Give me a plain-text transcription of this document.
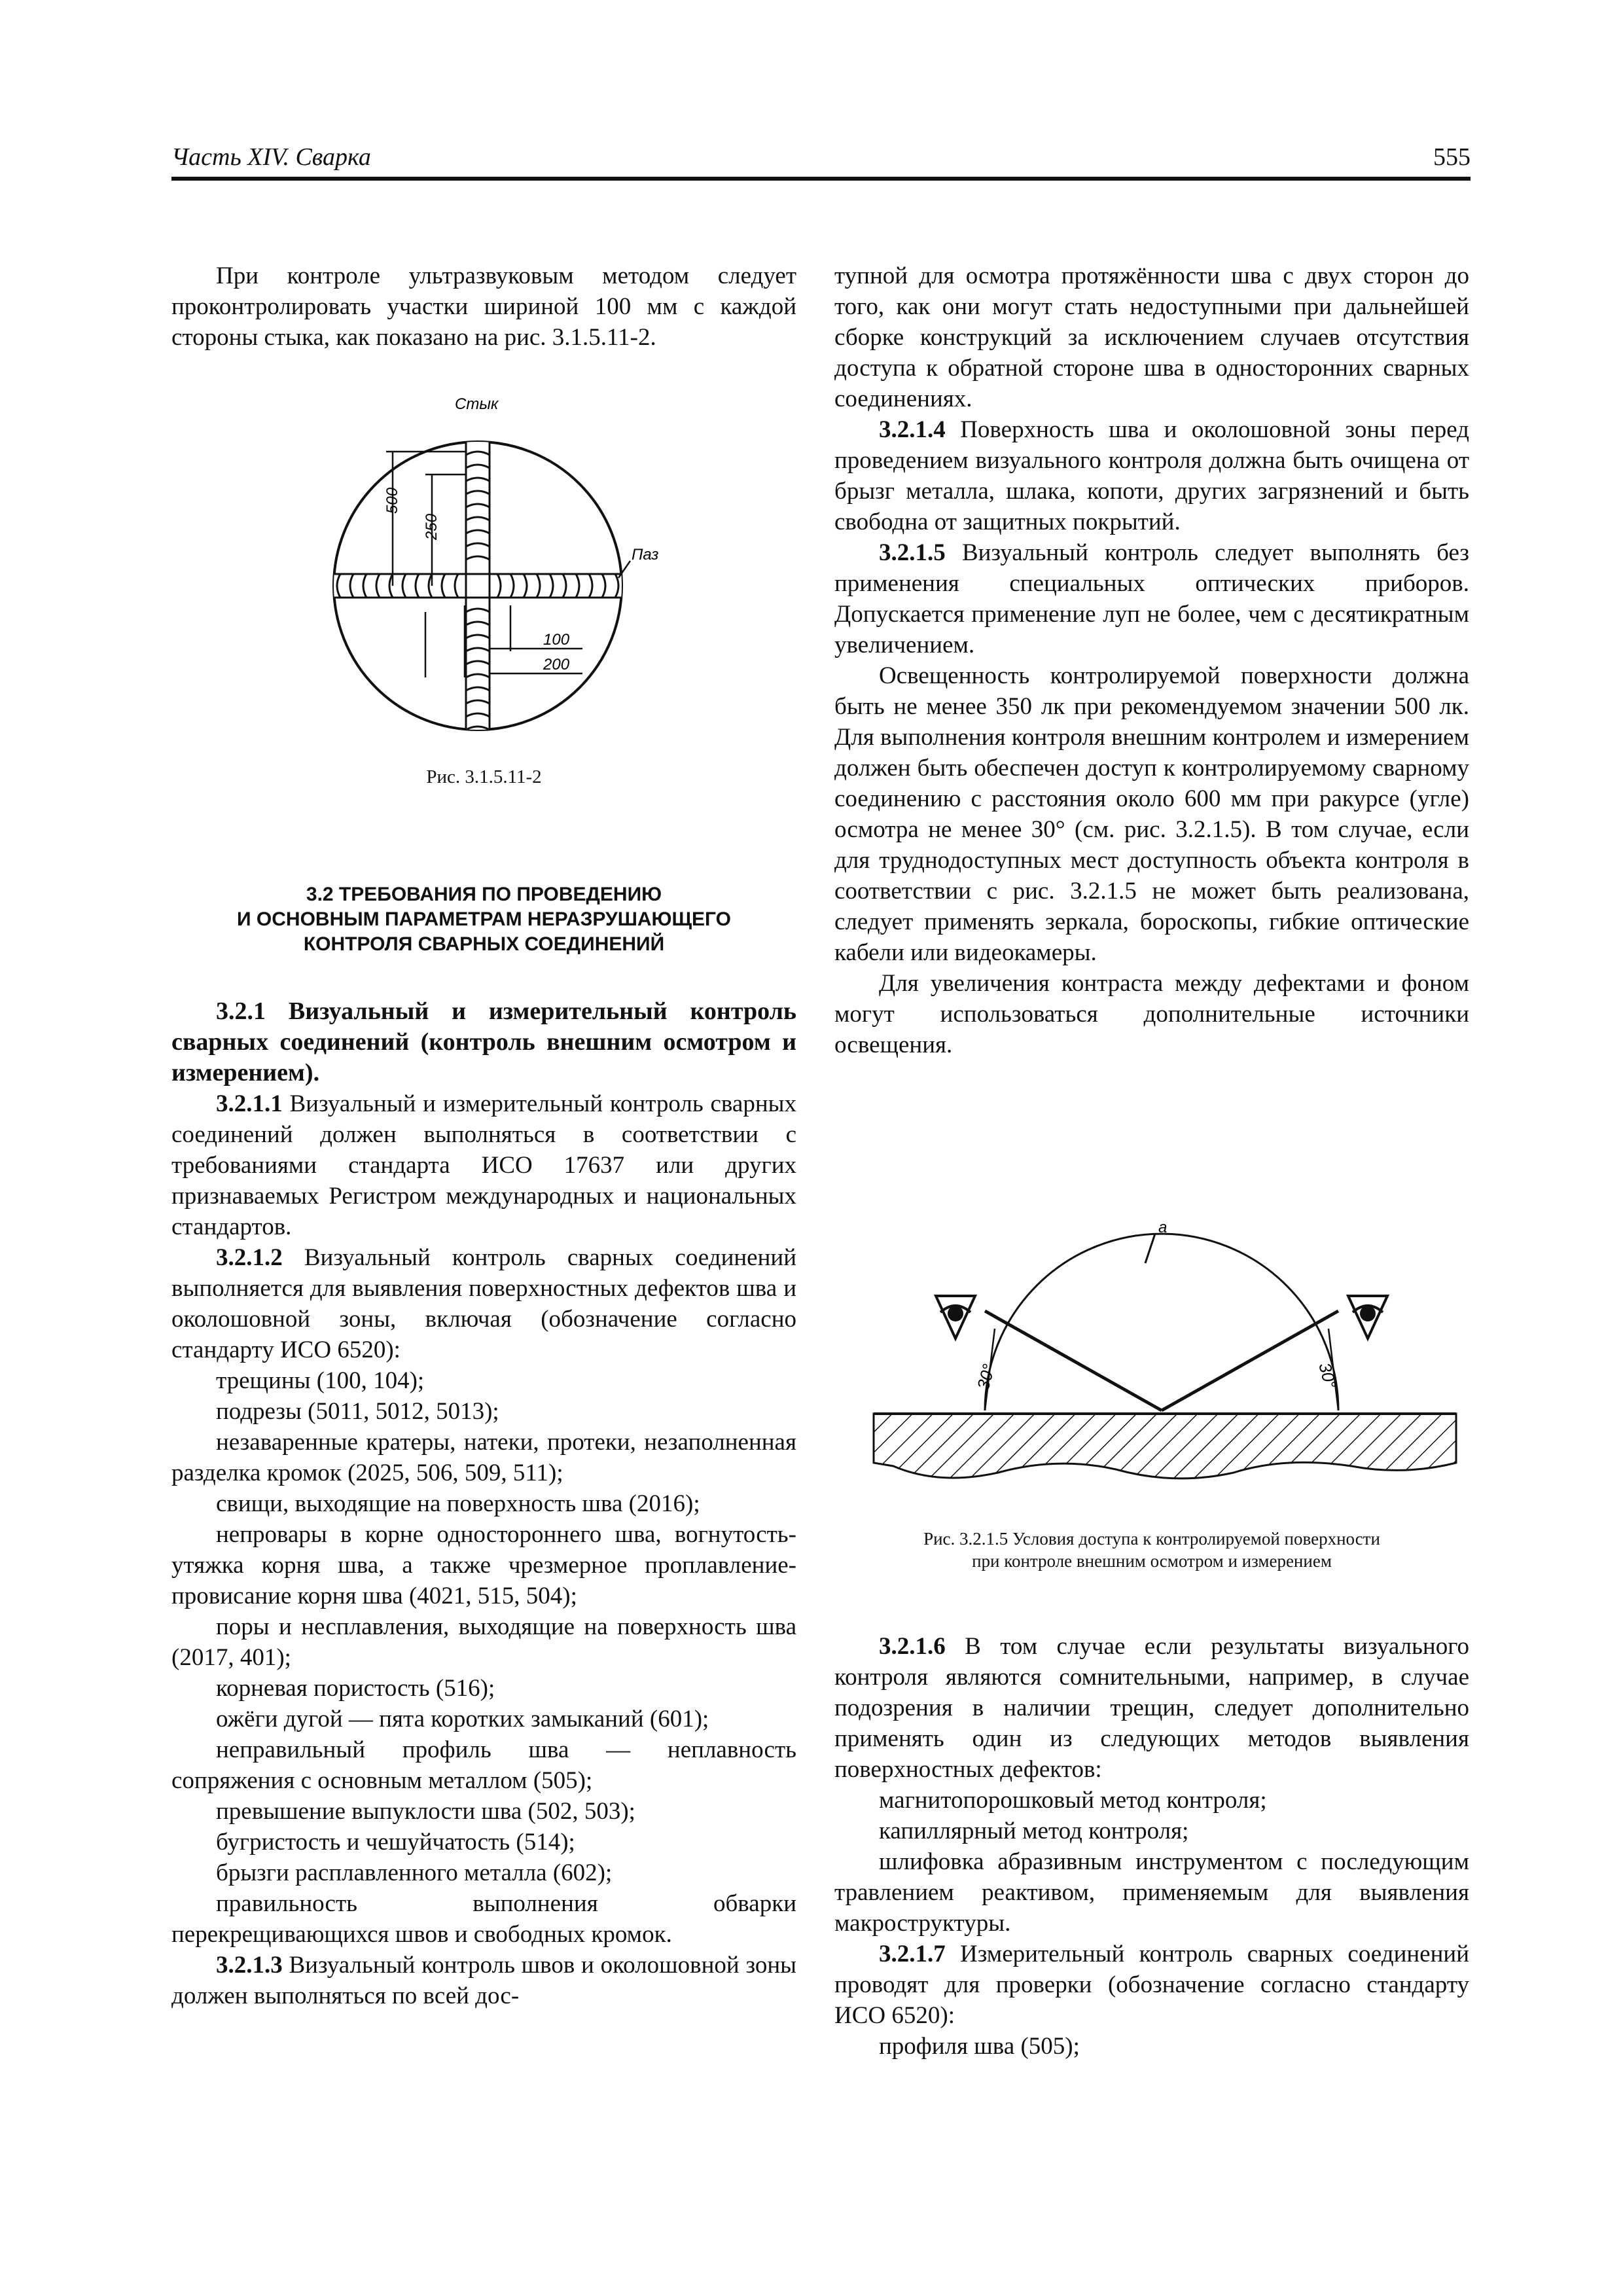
Часть XIV. Сварка	555

При контроле ультразвуковым методом следует проконтролировать участки шириной 100 мм с каждой стороны стыка, как показано на рис. 3.1.5.11-2.

500
250
100
200
Стык
Паз
Рис. 3.1.5.11-2
3.2 ТРЕБОВАНИЯ ПО ПРОВЕДЕНИЮ
И ОСНОВНЫМ ПАРАМЕТРАМ НЕРАЗРУШАЮЩЕГО
КОНТРОЛЯ СВАРНЫХ СОЕДИНЕНИЙ
3.2.1 Визуальный и измерительный контроль сварных соединений (контроль внешним осмотром и измерением).

3.2.1.1 Визуальный и измерительный контроль сварных соединений должен выполняться в соответствии с требованиями стандарта ИСО 17637 или других признаваемых Регистром международных и национальных стандартов.

3.2.1.2 Визуальный контроль сварных соединений выполняется для выявления поверхностных дефектов шва и околошовной зоны, включая (обозначение согласно стандарту ИСО 6520):

трещины (100, 104);

подрезы (5011, 5012, 5013);

незаваренные кратеры, натеки, протеки, незаполненная разделка кромок (2025, 506, 509, 511);

свищи, выходящие на поверхность шва (2016);

непровары в корне одностороннего шва, вогнутость-утяжка корня шва, а также чрезмерное проплавление-провисание корня шва (4021, 515, 504);

поры и несплавления, выходящие на поверхность шва (2017, 401);

корневая пористость (516);

ожёги дугой — пята коротких замыканий (601);

неправильный профиль шва — неплавность сопряжения с основным металлом (505);

превышение выпуклости шва (502, 503);

бугристость и чешуйчатость (514);

брызги расплавленного металла (602);

правильность выполнения обварки перекрещивающихся швов и свободных кромок.

3.2.1.3 Визуальный контроль швов и околошовной зоны должен выполняться по всей дос-

тупной для осмотра протяжённости шва с двух сторон до того, как они могут стать недоступными при дальнейшей сборке конструкций за исключением случаев отсутствия доступа к обратной стороне шва в односторонних сварных соединениях.

3.2.1.4 Поверхность шва и околошовной зоны перед проведением визуального контроля должна быть очищена от брызг металла, шлака, копоти, других загрязнений и быть свободна от защитных покрытий.

3.2.1.5 Визуальный контроль следует выполнять без применения специальных оптических приборов. Допускается применение луп не более, чем с десятикратным увеличением.

Освещенность контролируемой поверхности должна быть не менее 350 лк при рекомендуемом значении 500 лк. Для выполнения контроля внешним контролем и измерением должен быть обеспечен доступ к контролируемому сварному соединению с расстояния около 600 мм при ракурсе (угле) осмотра не менее 30° (см. рис. 3.2.1.5). В том случае, если для труднодоступных мест доступность объекта контроля в соответствии с рис. 3.2.1.5 не может быть реализована, следует применять зеркала, бороскопы, гибкие оптические кабели или видеокамеры.

Для увеличения контраста между дефектами и фоном могут использоваться дополнительные источники освещения.

a
30°	30°
Рис. 3.2.1.5 Условия доступа к контролируемой поверхности
при контроле внешним осмотром и измерением

3.2.1.6 В том случае если результаты визуального контроля являются сомнительными, например, в случае подозрения в наличии трещин, следует дополнительно применять один из следующих методов выявления поверхностных дефектов:

магнитопорошковый метод контроля;

капиллярный метод контроля;

шлифовка абразивным инструментом с последующим травлением реактивом, применяемым для выявления макроструктуры.

3.2.1.7 Измерительный контроль сварных соединений проводят для проверки (обозначение согласно стандарту ИСО 6520):

профиля шва (505);
